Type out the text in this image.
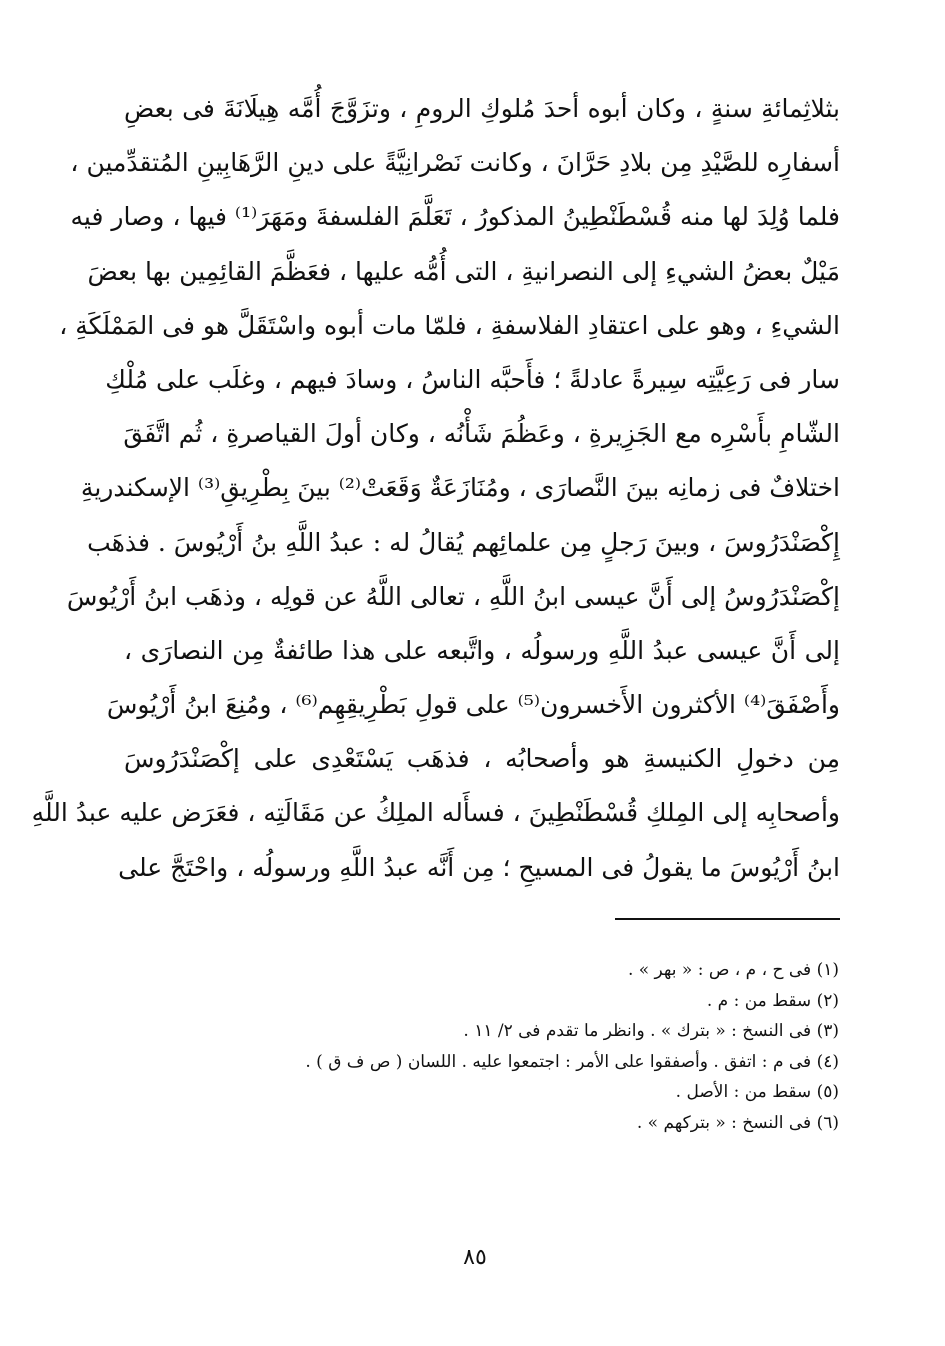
بثلاثِمائةِ سنةٍ ، وكان أبوه أحدَ مُلوكِ الرومِ ، وتزَوَّجَ أُمَّه هِيلَانَةَ فى بعضِ
أسفارِه للصَّيْدِ مِن بلادِ حَرَّانَ ، وكانت نَصْرانِيَّةً على دينِ الرَّهَابِينِ المُتقدِّمين ،
فلما وُلِدَ لها منه قُسْطَنْطِينُ المذكورُ ، تَعَلَّمَ الفلسفةَ ومَهَرَ⁽¹⁾ فيها ، وصار فيه
مَيْلٌ بعضُ الشيءِ إلى النصرانيةِ ، التى أُمُّه عليها ، فعَظَّمَ القائِمِين بها بعضَ
الشيءِ ، وهو على اعتقادِ الفلاسفةِ ، فلمّا مات أبوه واسْتَقَلَّ هو فى المَمْلَكَةِ ،
سار فى رَعِيَّتِه سِيرةً عادلةً ؛ فأَحبَّه الناسُ ، وسادَ فيهم ، وغلَب على مُلْكِ
الشّامِ بأَسْرِه مع الجَزِيرةِ ، وعَظُمَ شَأْنُه ، وكان أولَ القياصرةِ ، ثُم اتَّفَقَ
اختلافٌ فى زمانِه بينَ النَّصارَى ، ومُنَازَعَةٌ وَقَعَتْ⁽²⁾ بينَ بِطْرِيقِ⁽³⁾ الإسكندريةِ
إِكْصَنْدَرُوسَ ، وبينَ رَجلٍ مِن علمائِهم يُقالُ له : عبدُ اللَّهِ بنُ أَرْيُوسَ . فذهَب
إكْصَنْدَرُوسُ إلى أَنَّ عيسى ابنُ اللَّهِ ، تعالى اللَّهُ عن قولِه ، وذهَب ابنُ أَرْيُوسَ
إلى أَنَّ عيسى عبدُ اللَّهِ ورسولُه ، واتَّبعه على هذا طائفةٌ مِن النصارَى ،
وأَصْفَقَ⁽⁴⁾ الأكثرون الأَخسرون⁽⁵⁾ على قولِ بَطْرِيقِهِم⁽⁶⁾ ، ومُنِعَ ابنُ أَرْيُوسَ
مِن دخولِ الكنيسةِ هو وأصحابُه ، فذهَب يَسْتَعْدِى على إكْصَنْدَرُوسَ
وأصحابِه إلى المِلكِ قُسْطَنْطِينَ ، فسأَله الملِكُ عن مَقَالَتِه ، فعَرَض عليه عبدُ اللَّهِ
ابنُ أَرْيُوسَ ما يقولُ فى المسيحِ ؛ مِن أَنَّه عبدُ اللَّهِ ورسولُه ، واحْتَجَّ على
(١) فى ح ، م ، ص : « بهر » .
(٢) سقط من : م .
(٣) فى النسخ : « بترك » . وانظر ما تقدم فى ٢/ ١١ .
(٤) فى م : اتفق . وأصفقوا على الأمر : اجتمعوا عليه . اللسان ( ص ف ق ) .
(٥) سقط من : الأصل .
(٦) فى النسخ : « بتركهم » .
٨٥
